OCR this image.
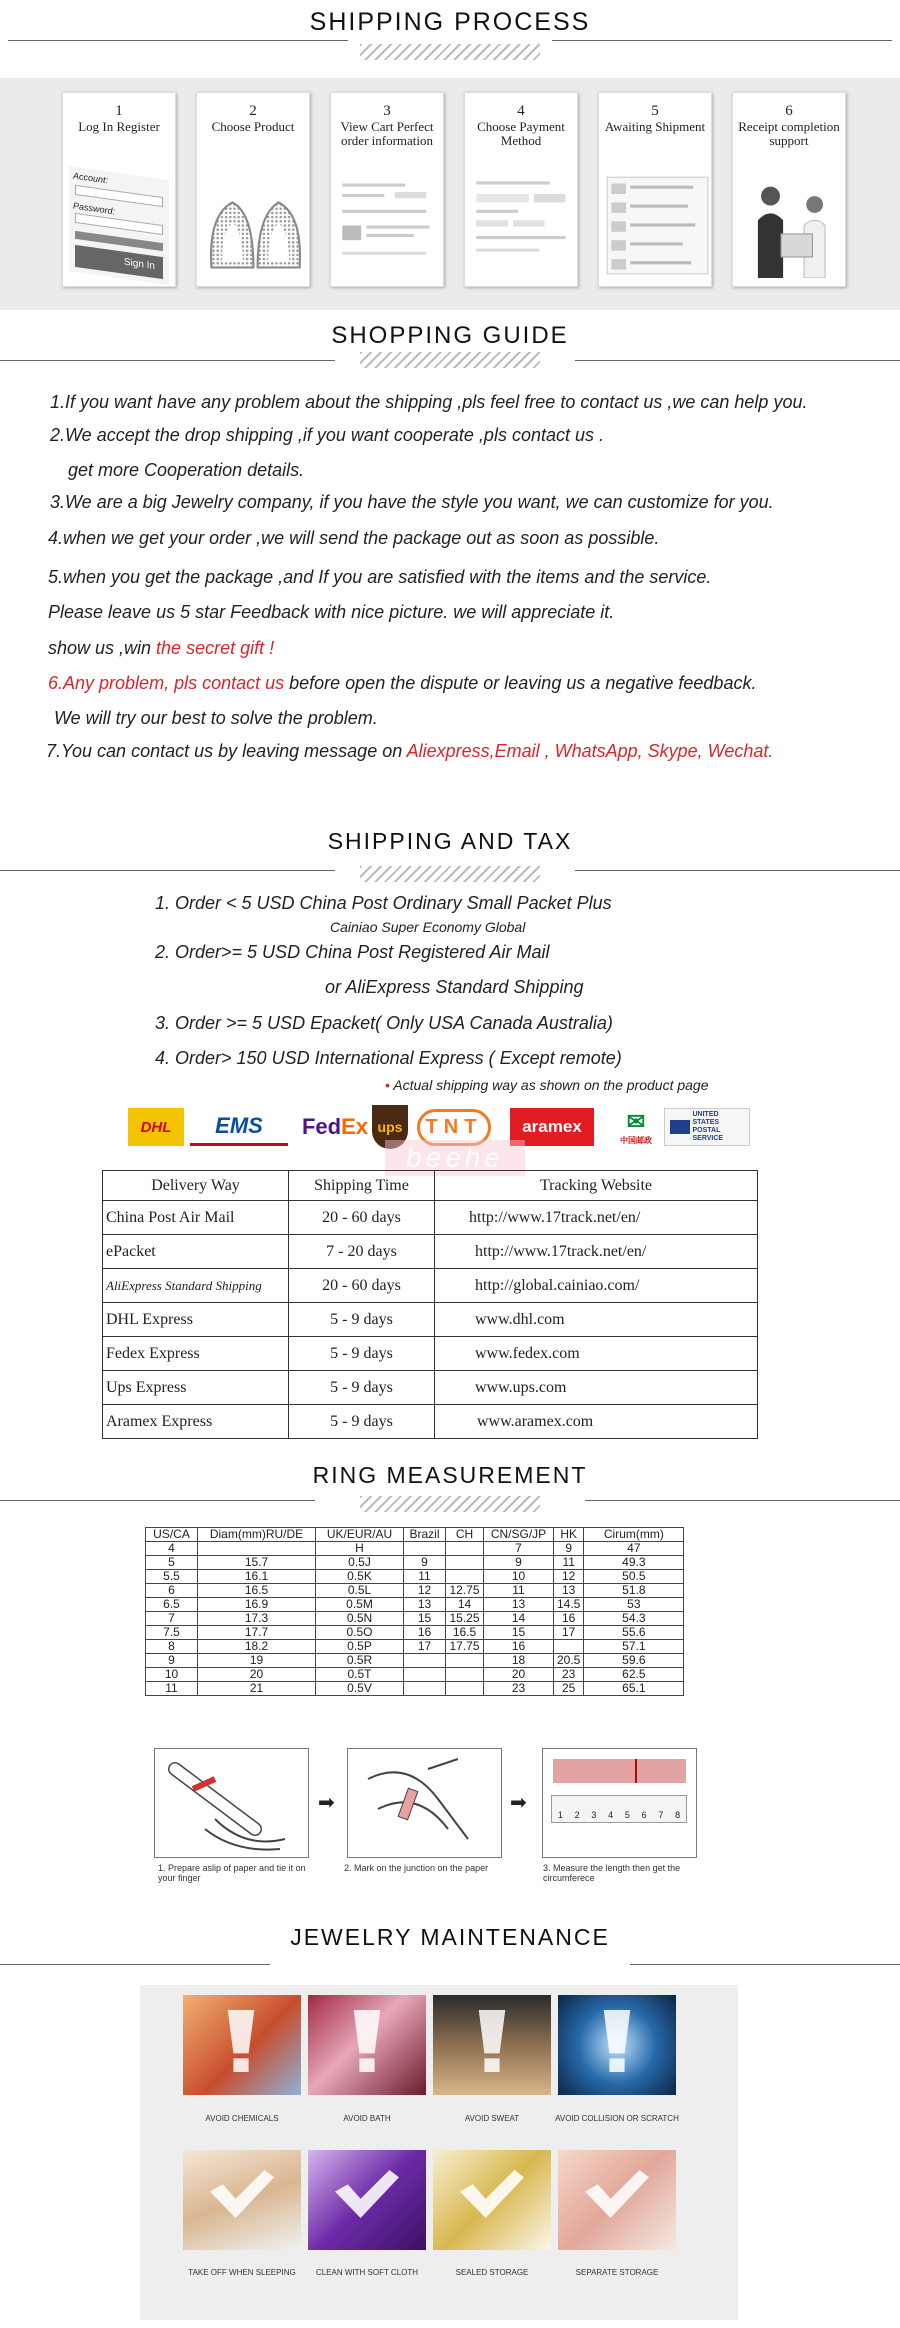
SHIPPING PROCESS
1
Log In Register
Account:
Password:
Sign In
2
Choose Product
3
View Cart Perfect order information
4
Choose Payment Method
5
Awaiting Shipment
6
Receipt completion support
SHOPPING GUIDE
1.If you want have any problem about the shipping ,pls feel free to contact us ,we can help you.
2.We accept the drop shipping ,if you want cooperate ,pls contact us .
get more Cooperation details.
3.We are a big Jewelry company, if you have the style you want, we can customize for you.
4.when we get your order ,we will send the package out as soon as possible.
5.when you get the package ,and If you are satisfied with the items and the service.
Please leave us 5 star Feedback with nice picture. we will appreciate it.
show us ,win the secret gift !
6.Any problem, pls contact us before open the dispute or leaving us a negative feedback.
We will try our best to solve the problem.
7.You can contact us by leaving message on Aliexpress,Email , WhatsApp, Skype, Wechat.
SHIPPING AND TAX
1. Order < 5 USD China Post Ordinary Small Packet Plus
Cainiao Super Economy Global
2. Order>= 5 USD China Post Registered Air Mail
or AliExpress Standard Shipping
3. Order >= 5 USD Epacket( Only USA Canada Australia)
4. Order> 150 USD International Express ( Except remote)
• Actual shipping way as shown on the product page
DHL	EMS	Fed Ex ups	TNT	aramex	✉
中国邮政
UNITED STATES POSTAL SERVICE
beehe
Delivery Way	Shipping Time	Tracking Website
China Post Air Mail	20 - 60 days	http://www.17track.net/en/
ePacket	7 - 20 days	http://www.17track.net/en/
AliExpress Standard Shipping	20 - 60 days	http://global.cainiao.com/
DHL Express	5 - 9 days	www.dhl.com
Fedex Express	5 - 9 days	www.fedex.com
Ups Express	5 - 9 days	www.ups.com
Aramex Express	5 - 9 days	www.aramex.com
RING MEASUREMENT
US/CA	Diam(mm)RU/DE	UK/EUR/AU	Brazil	CH	CN/SG/JP	HK	Cirum(mm)
4		H			7	9	47
5	15.7	0.5J	9		9	11	49.3
5.5	16.1	0.5K	11		10	12	50.5
6	16.5	0.5L	12	12.75	11	13	51.8
6.5	16.9	0.5M	13	14	13	14.5	53
7	17.3	0.5N	15	15.25	14	16	54.3
7.5	17.7	0.5O	16	16.5	15	17	55.6
8	18.2	0.5P	17	17.75	16		57.1
9	19	0.5R			18	20.5	59.6
10	20	0.5T			20	23	62.5
11	21	0.5V			23	25	65.1
1 2 3 4 5 6 7 8
➡	➡
1. Prepare aslip of paper and tie it on your finger
2. Mark on the junction on the paper	3. Measure the length then get the circumferece
JEWELRY MAINTENANCE
AVOID CHEMICALS	AVOID BATH	AVOID SWEAT	AVOID COLLISION OR SCRATCH
TAKE OFF WHEN SLEEPING	CLEAN WITH SOFT CLOTH	SEALED STORAGE	SEPARATE STORAGE
